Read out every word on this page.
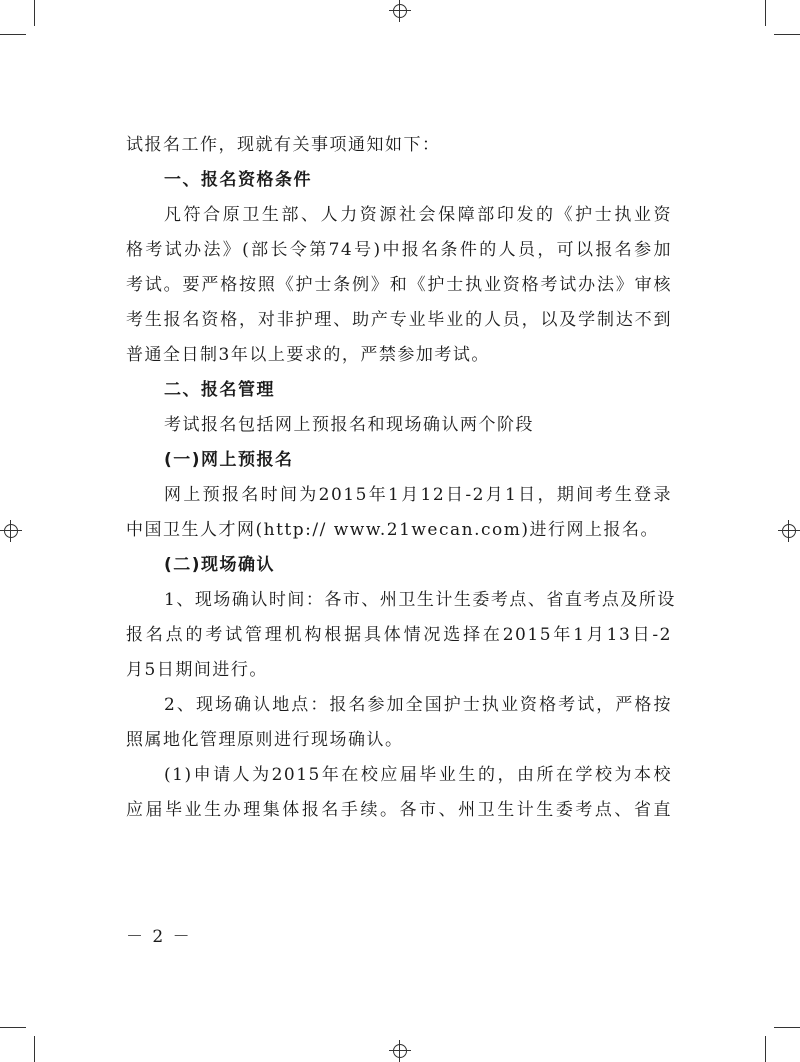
试报名工作，现就有关事项通知如下：
一、报名资格条件
凡符合原卫生部、人力资源社会保障部印发的《护士执业资
格考试办法》(部长令第74号)中报名条件的人员，可以报名参加
考试。要严格按照《护士条例》和《护士执业资格考试办法》审核
考生报名资格，对非护理、助产专业毕业的人员，以及学制达不到
普通全日制3年以上要求的，严禁参加考试。
二、报名管理
考试报名包括网上预报名和现场确认两个阶段
(一)网上预报名
网上预报名时间为2015年1月12日-2月1日，期间考生登录
中国卫生人才网(http:// www.21wecan.com)进行网上报名。
(二)现场确认
1、现场确认时间：各市、州卫生计生委考点、省直考点及所设
报名点的考试管理机构根据具体情况选择在2015年1月13日-2
月5日期间进行。
2、现场确认地点：报名参加全国护士执业资格考试，严格按
照属地化管理原则进行现场确认。
(1)申请人为2015年在校应届毕业生的，由所在学校为本校
应届毕业生办理集体报名手续。各市、州卫生计生委考点、省直
－ 2 －
